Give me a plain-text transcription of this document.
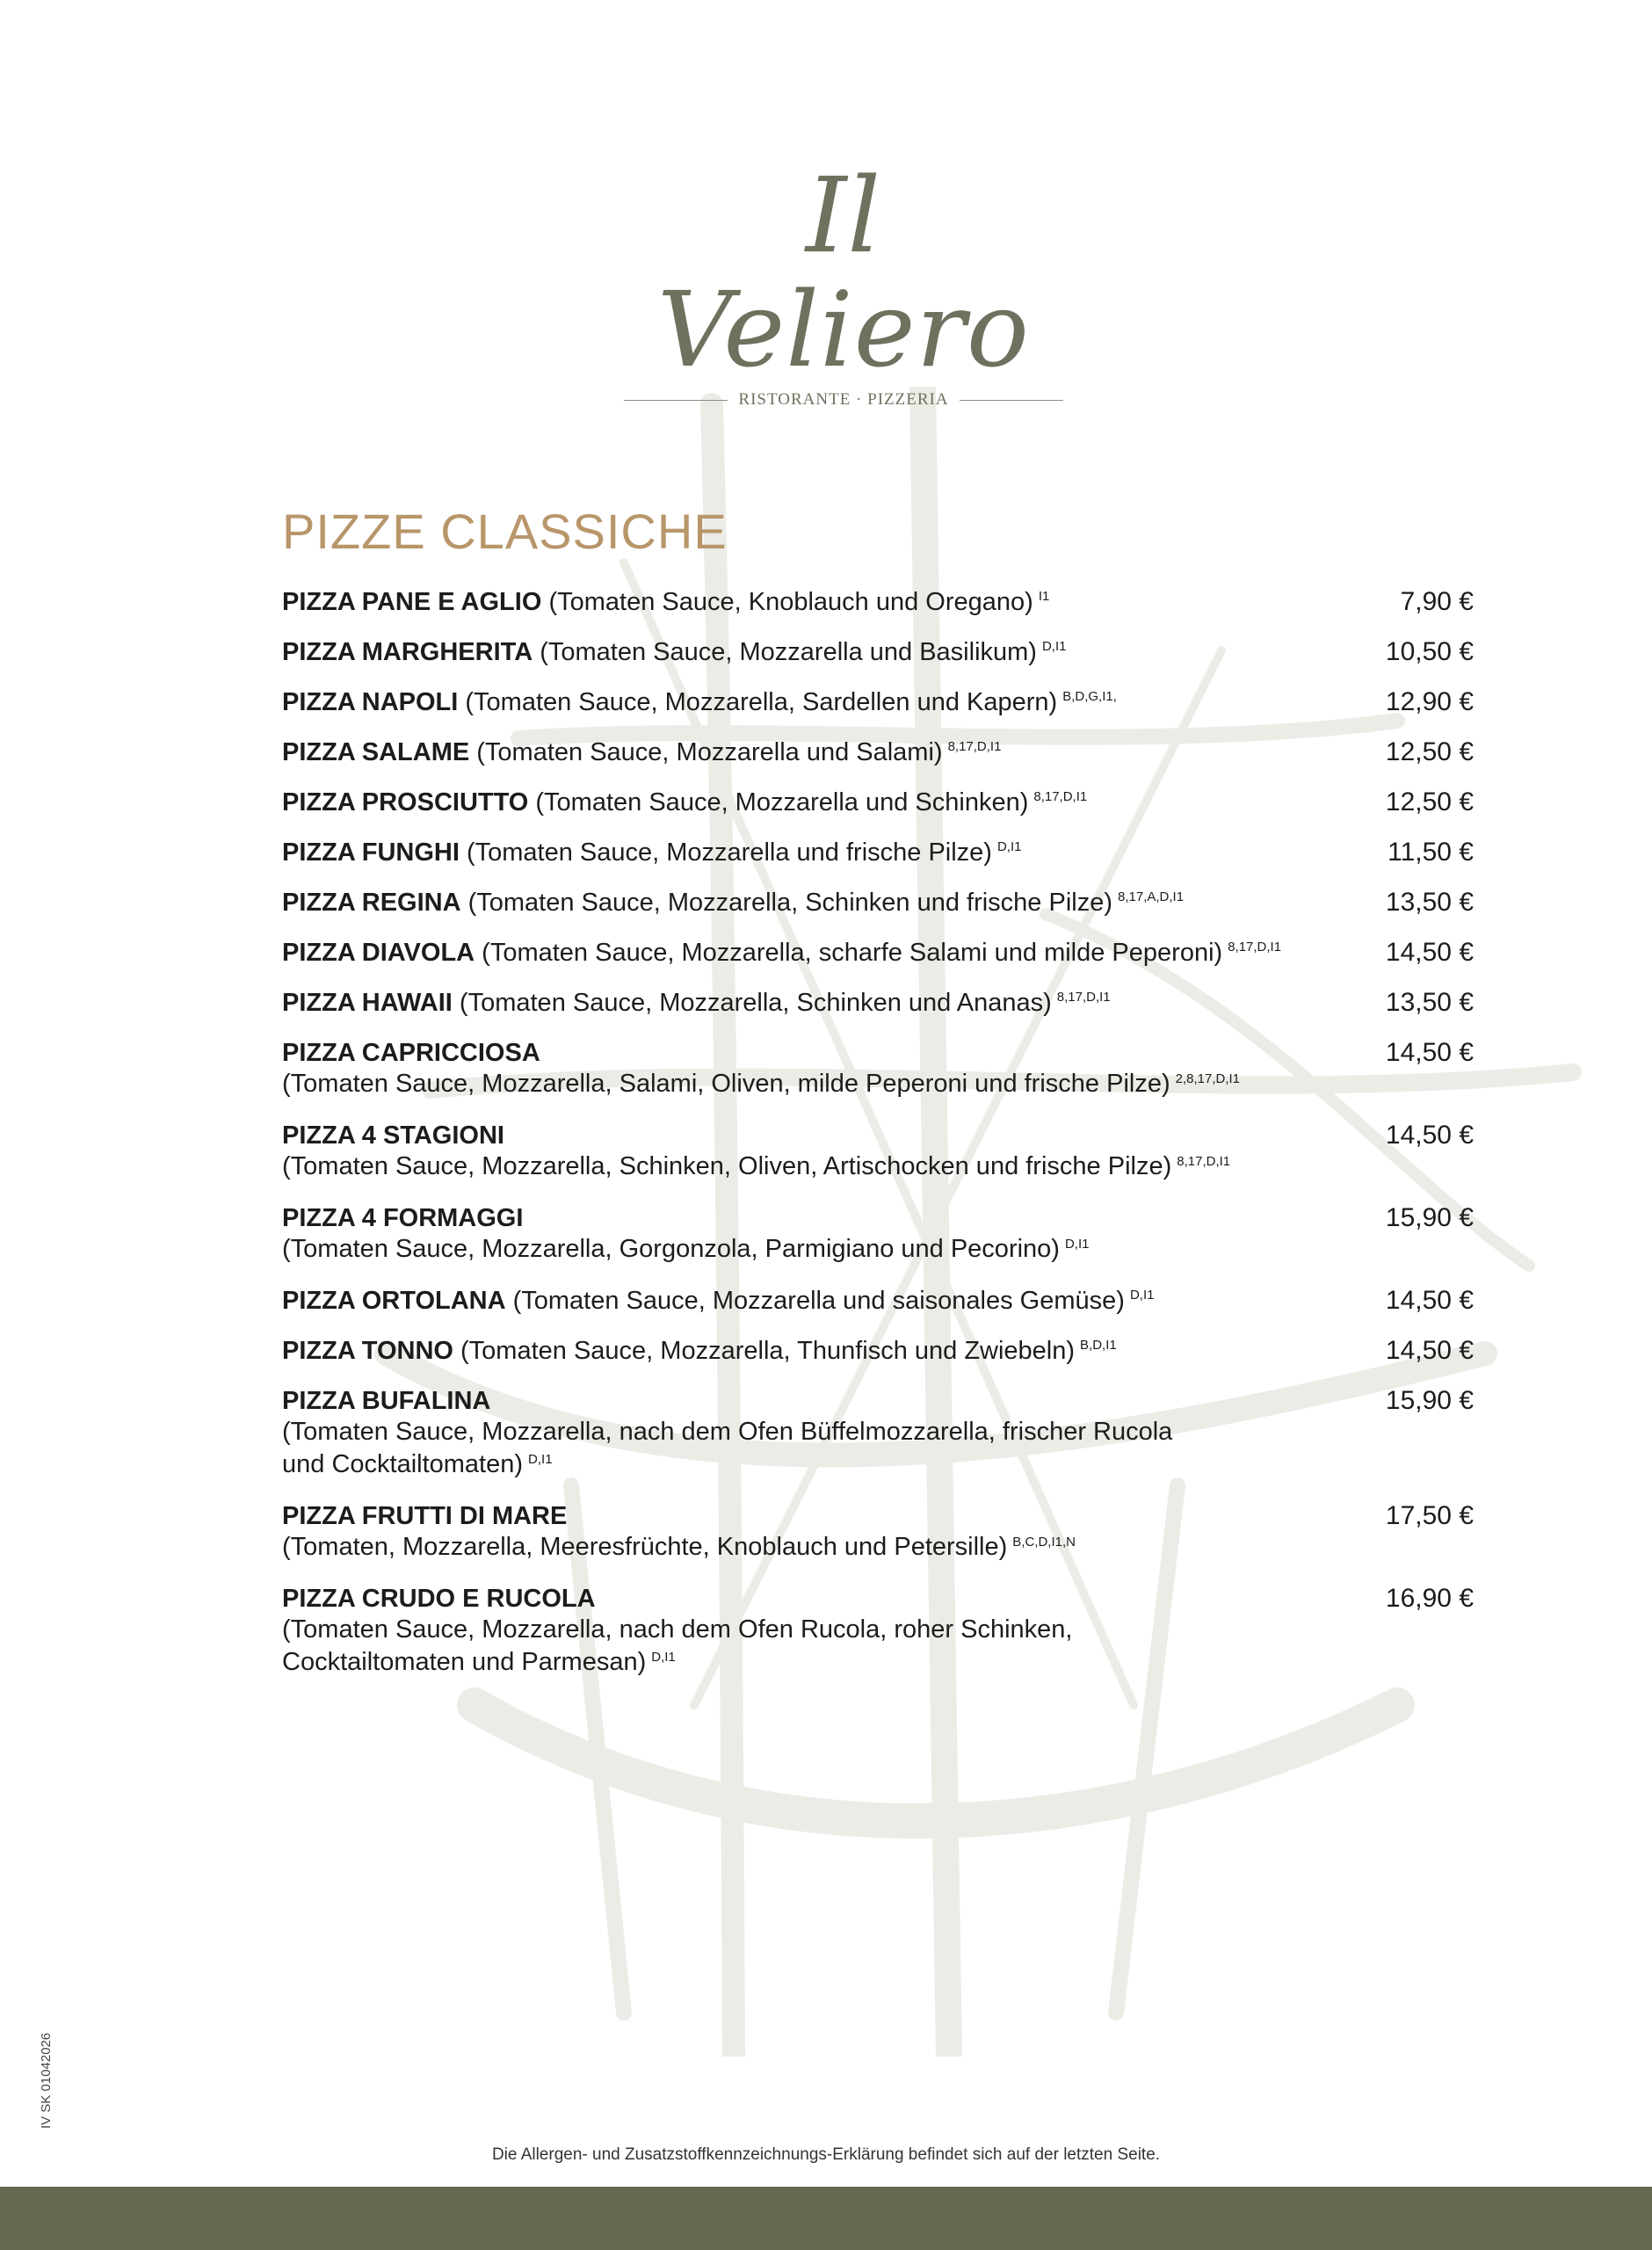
Il Veliero
RISTORANTE · PIZZERIA
PIZZE CLASSICHE
PIZZA PANE E AGLIO (Tomaten Sauce, Knoblauch und Oregano) $^{I1}$	7,90 €
PIZZA MARGHERITA (Tomaten Sauce, Mozzarella und Basilikum) $^{D,I1}$	10,50 €
PIZZA NAPOLI (Tomaten Sauce, Mozzarella, Sardellen und Kapern) $^{B,D,G,I1,}$	12,90 €
PIZZA SALAME (Tomaten Sauce, Mozzarella und Salami) $^{8,17,D,I1}$	12,50 €
PIZZA PROSCIUTTO (Tomaten Sauce, Mozzarella und Schinken) $^{8,17,D,I1}$	12,50 €
PIZZA FUNGHI (Tomaten Sauce, Mozzarella und frische Pilze) $^{D,I1}$	11,50 €
PIZZA REGINA (Tomaten Sauce, Mozzarella, Schinken und frische Pilze) $^{8,17,A,D,I1}$	13,50 €
PIZZA DIAVOLA (Tomaten Sauce, Mozzarella, scharfe Salami und milde Peperoni) $^{8,17,D,I1}$	14,50 €
PIZZA HAWAII (Tomaten Sauce, Mozzarella, Schinken und Ananas) $^{8,17,D,I1}$	13,50 €
PIZZA CAPRICCIOSA
(Tomaten Sauce, Mozzarella, Salami, Oliven, milde Peperoni und frische Pilze) $^{2,8,17,D,I1}$
14,50 €
PIZZA 4 STAGIONI
(Tomaten Sauce, Mozzarella, Schinken, Oliven, Artischocken und frische Pilze) $^{8,17,D,I1}$
14,50 €
PIZZA 4 FORMAGGI
(Tomaten Sauce, Mozzarella, Gorgonzola, Parmigiano und Pecorino) $^{D,I1}$
15,90 €
PIZZA ORTOLANA (Tomaten Sauce, Mozzarella und saisonales Gemüse) $^{D,I1}$	14,50 €
PIZZA TONNO (Tomaten Sauce, Mozzarella, Thunfisch und Zwiebeln) $^{B,D,I1}$	14,50 €
PIZZA BUFALINA
(Tomaten Sauce, Mozzarella, nach dem Ofen Büffelmozzarella, frischer Rucola
und Cocktailtomaten) $^{D,I1}$
15,90 €
PIZZA FRUTTI DI MARE
(Tomaten, Mozzarella, Meeresfrüchte, Knoblauch und Petersille) $^{B,C,D,I1,N}$
17,50 €
PIZZA CRUDO E RUCOLA
(Tomaten Sauce, Mozzarella, nach dem Ofen Rucola, roher Schinken,
Cocktailtomaten und Parmesan) $^{D,I1}$
16,90 €
Die Allergen- und Zusatzstoffkennzeichnungs-Erklärung befindet sich auf der letzten Seite.
IV SK 01042026
